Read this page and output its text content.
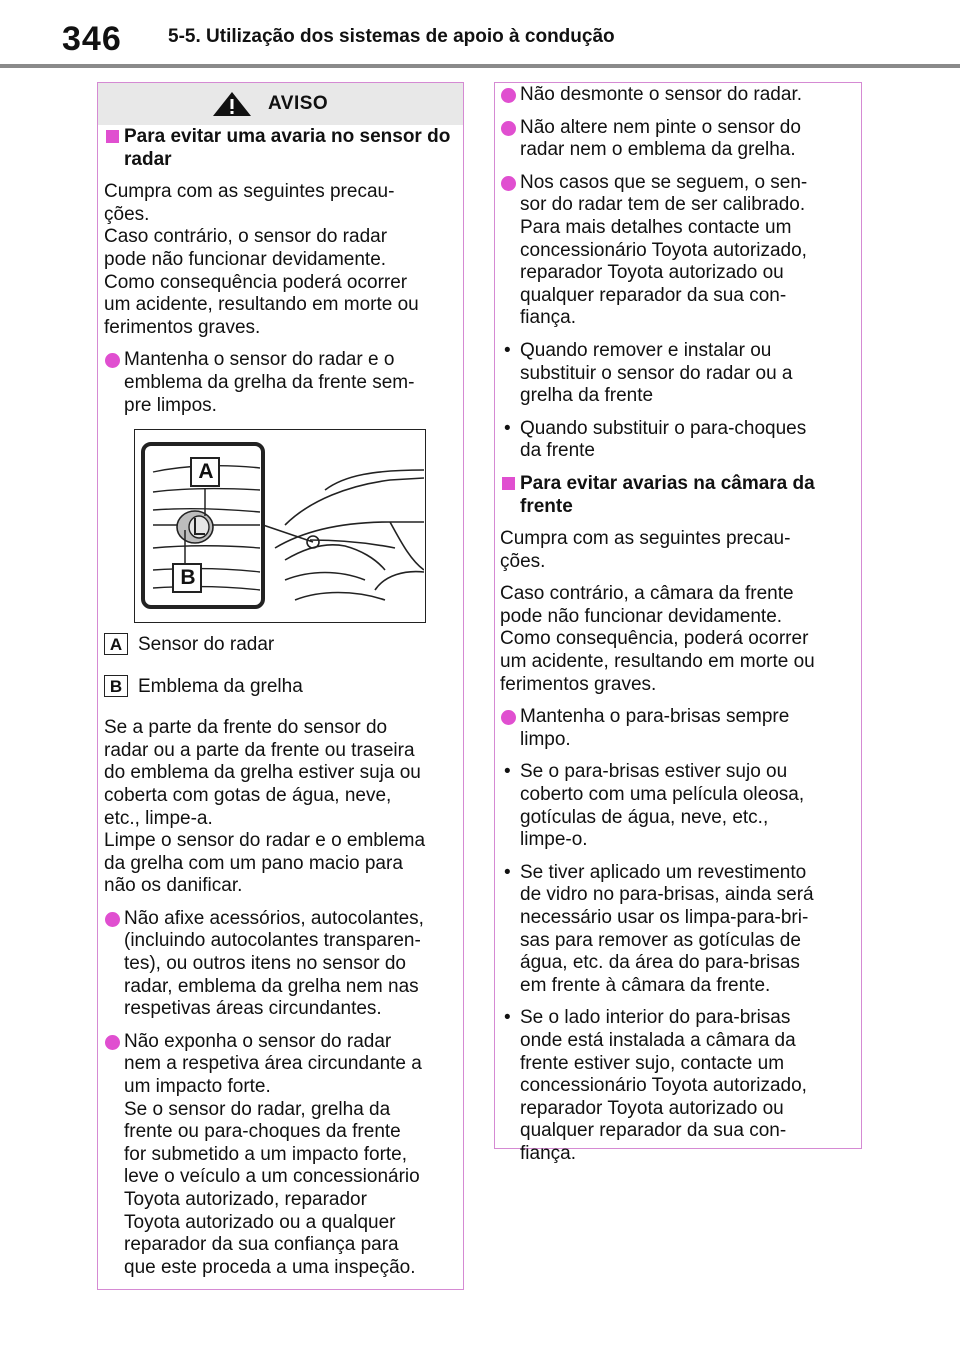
346 5-5. Utilização dos sistemas de apoio à condução
AVISO

Para evitar uma avaria no sensor do radar

Cumpra com as seguintes precau-
ções.
Caso contrário, o sensor do radar
pode não funcionar devidamente.
Como consequência poderá ocorrer
um acidente, resultando em morte ou
ferimentos graves.

Mantenha o sensor do radar e o
emblema da grelha da frente sem-
pre limpos.

A
B
A Sensor do radar
B Emblema da grelha

Se a parte da frente do sensor do
radar ou a parte da frente ou traseira
do emblema da grelha estiver suja ou
coberta com gotas de água, neve,
etc., limpe-a.
Limpe o sensor do radar e o emblema
da grelha com um pano macio para
não os danificar.

Não afixe acessórios, autocolantes,
(incluindo autocolantes transparen-
tes), ou outros itens no sensor do
radar, emblema da grelha nem nas
respetivas áreas circundantes.

Não exponha o sensor do radar
nem a respetiva área circundante a
um impacto forte.
Se o sensor do radar, grelha da
frente ou para-choques da frente
for submetido a um impacto forte,
leve o veículo a um concessionário
Toyota autorizado, reparador
Toyota autorizado ou a qualquer
reparador da sua confiança para
que este proceda a uma inspeção.

Não desmonte o sensor do radar.

Não altere nem pinte o sensor do
radar nem o emblema da grelha.

Nos casos que se seguem, o sen-
sor do radar tem de ser calibrado.
Para mais detalhes contacte um
concessionário Toyota autorizado,
reparador Toyota autorizado ou
qualquer reparador da sua con-
fiança.

• Quando remover e instalar ou
substituir o sensor do radar ou a
grelha da frente

• Quando substituir o para-choques
da frente

Para evitar avarias na câmara da frente

Cumpra com as seguintes precau-
ções.

Caso contrário, a câmara da frente
pode não funcionar devidamente.
Como consequência, poderá ocorrer
um acidente, resultando em morte ou
ferimentos graves.

Mantenha o para-brisas sempre
limpo.

• Se o para-brisas estiver sujo ou
coberto com uma película oleosa,
gotículas de água, neve, etc.,
limpe-o.

• Se tiver aplicado um revestimento
de vidro no para-brisas, ainda será
necessário usar os limpa-para-bri-
sas para remover as gotículas de
água, etc. da área do para-brisas
em frente à câmara da frente.

• Se o lado interior do para-brisas
onde está instalada a câmara da
frente estiver sujo, contacte um
concessionário Toyota autorizado,
reparador Toyota autorizado ou
qualquer reparador da sua con-
fiança.
